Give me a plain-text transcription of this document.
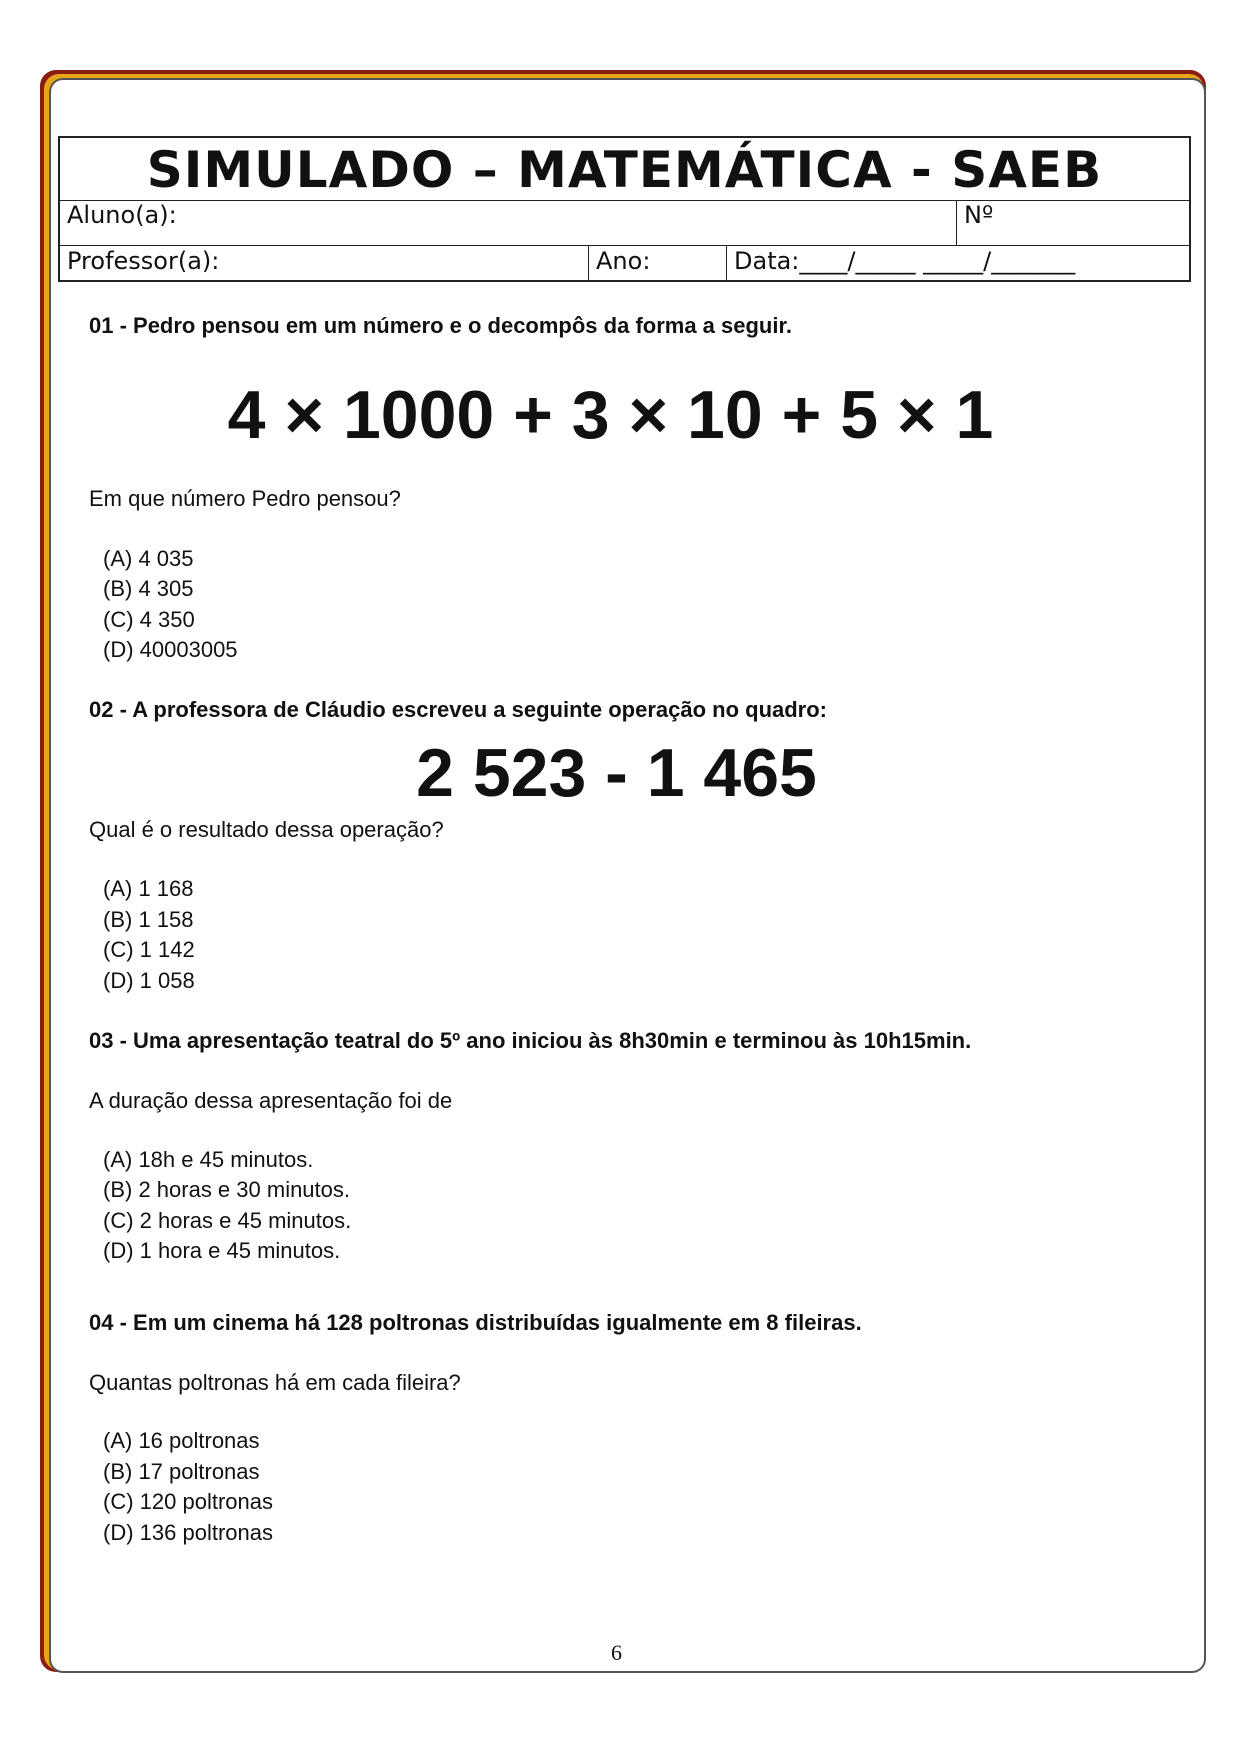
SIMULADO – MATEMÁTICA - SAEB
Aluno(a):	Nº
Professor(a):	Ano:	Data:____/_____ _____/_______
01 - Pedro pensou em um número e o decompôs da forma a seguir.
4 × 1000 + 3 × 10 + 5 × 1
Em que número Pedro pensou?
(A) 4 035
(B) 4 305
(C) 4 350
(D) 40003005
02 - A professora de Cláudio escreveu a seguinte operação no quadro:
2 523 - 1 465
Qual é o resultado dessa operação?
(A) 1 168
(B) 1 158
(C) 1 142
(D) 1 058
03 - Uma apresentação teatral do 5º ano iniciou às 8h30min e terminou às 10h15min.
A duração dessa apresentação foi de
(A) 18h e 45 minutos.
(B) 2 horas e 30 minutos.
(C) 2 horas e 45 minutos.
(D) 1 hora e 45 minutos.
04 - Em um cinema há 128 poltronas distribuídas igualmente em 8 fileiras.
Quantas poltronas há em cada fileira?
(A) 16 poltronas
(B) 17 poltronas
(C) 120 poltronas
(D) 136 poltronas
6
